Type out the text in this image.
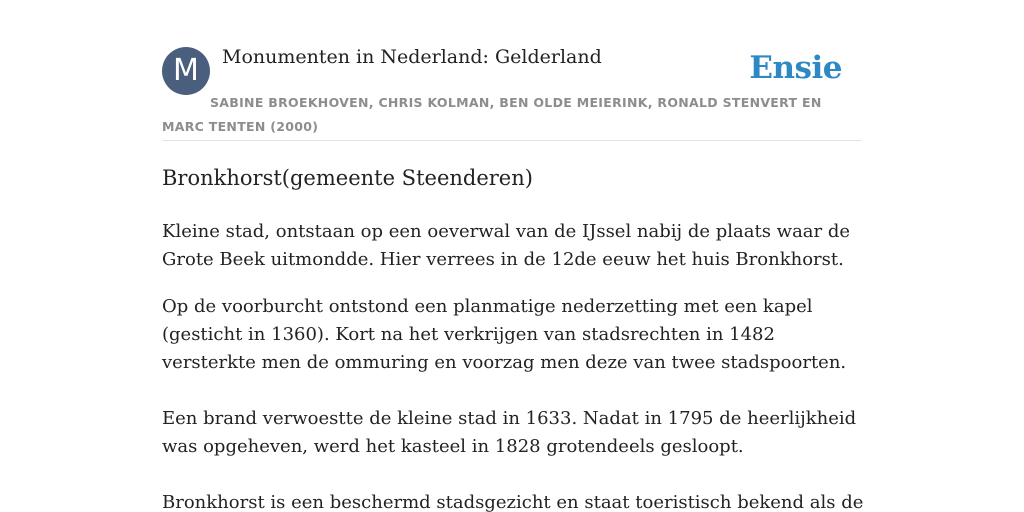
M	Monumenten in Nederland: Gelderland	Ensie
SABINE BROEKHOVEN, CHRIS KOLMAN, BEN OLDE MEIERINK, RONALD STENVERT EN MARC TENTEN (2000)
Bronkhorst(gemeente Steenderen)

Kleine stad, ontstaan op een oeverwal van de IJssel nabij de plaats waar de Grote Beek uitmondde. Hier verrees in de 12de eeuw het huis Bronkhorst.

Op de voorburcht ontstond een planmatige nederzetting met een kapel (gesticht in 1360). Kort na het verkrijgen van stadsrechten in 1482 versterkte men de ommuring en voorzag men deze van twee stadspoorten.

Een brand verwoestte de kleine stad in 1633. Nadat in 1795 de heerlijkheid was opgeheven, werd het kasteel in 1828 grotendeels gesloopt.

Bronkhorst is een beschermd stadsgezicht en staat toeristisch bekend als de
